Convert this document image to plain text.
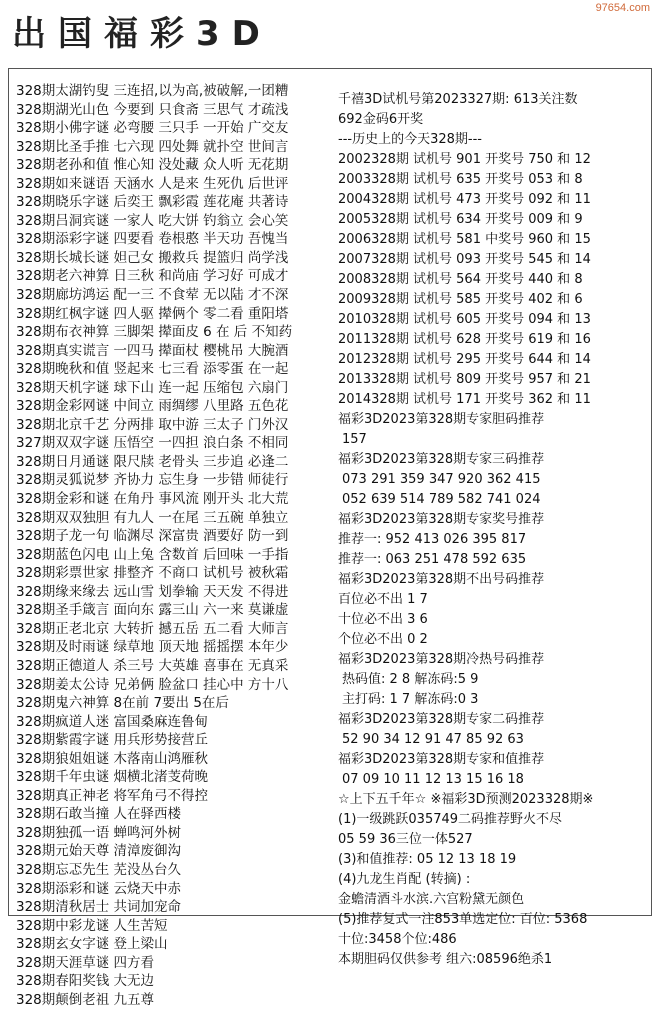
97654.com
出国福彩3D
328期太湖钓叟 三连招,以为高,被破解,一团糟
328期湖光山色 今要到 只食斋 三思气 才疏浅
328期小佛字谜 必弯腰 三只手 一开始 广交友
328期比圣手推 七六现 四处舞 就扑空 世间言
328期老孙和值 惟心知 没处藏 众人听 无花期
328期如来谜语 天涵水 人是来 生死仇 后世评
328期晓乐字谜 后奕王 飘彩霞 莲花庵 共著诗
328期吕洞宾谜 一家人 吃大饼 钓翁立 会心笑
328期添彩字谜 四要看 卷根憨 半天功 吾愧当
328期长城长谜 妲己女 搬救兵 提篮归 尚学浅
328期老六神算 日三秋 和尚庙 学习好 可成才
328期廊坊鸿运 配一三 不食荤 无以陆 才不深
328期红枫字谜 四人驱 撵俩个 零二看 重阳塔
328期布衣神算 三脚架 撵面皮 6 在 后 不知药
328期真实谎言 一四马 撵面杖 樱桃吊 大腕酒
328期晚秋和值 竖起来 七三看 添零蛋 在一起
328期天机字谜 球下山 连一起 压缩包 六扇门
328期金彩网谜 中间立 雨绸缪 八里路 五色花
328期北京千艺 分两排 取中游 三太子 门外汉
327期双双字谜 压悟空 一四担 浪白条 不相同
328期日月通谜 限尺牍 老骨头 三步追 必逢二
328期灵狐说梦 齐协力 忘生身 一步错 师徒行
328期金彩和谜 在角丹 事风流 刚开头 北大荒
328期双双独胆 有九人 一在尾 三五碗 单独立
328期子龙一句 临渊尽 深富贵 酒要好 防一到
328期蓝色闪电 山上兔 含数首 后回味 一手指
328期彩票世家 排整齐 不商口 试机号 被秋霜
328期缘来缘去 远山雪 划拳输 天天发 不得进
328期圣手箴言 面向东 露三山 六一来 莫谦虚
328期正老北京 大转折 撼五岳 五二看 大师言
328期及时雨谜 绿草地 顶天地 摇摇摆 本年少
328期正德道人 杀三号 大英雄 喜事在 无真采
328期姜太公诗 兄弟俩 脸盆口 挂心中 方十八
328期鬼六神算 8在前 7要出 5在后
328期疯道人迷 富国桑麻连鲁甸
328期紫霞字谜 用兵形势接营丘
328期狼姐姐谜 木落南山鸿雁秋
328期千年虫谜 烟横北渚芰荷晚
328期真正神老 将军角弓不得控
328期石敢当撞 人在驿西楼
328期独孤一语 蝉鸣河外树
328期元始天尊 清漳废御沟
328期忘忑先生 芜没丛台久
328期添彩和谜 云烧天中赤
328期清秋居士 共词加宠命
328期中彩龙谜 人生苦短
328期玄女字谜 登上梁山
328期天涯草谜 四方看
328期春阳奖钱 大无边
328期颠倒老祖 九五尊
千禧3D试机号第2023327期: 613关注数
692金码6开奖
---历史上的今天328期---
2002328期 试机号 901 开奖号 750 和 12
2003328期 试机号 635 开奖号 053 和 8
2004328期 试机号 473 开奖号 092 和 11
2005328期 试机号 634 开奖号 009 和 9
2006328期 试机号 581 中奖号 960 和 15
2007328期 试机号 093 开奖号 545 和 14
2008328期 试机号 564 开奖号 440 和 8
2009328期 试机号 585 开奖号 402 和 6
2010328期 试机号 605 开奖号 094 和 13
2011328期 试机号 628 开奖号 619 和 16
2012328期 试机号 295 开奖号 644 和 14
2013328期 试机号 809 开奖号 957 和 21
2014328期 试机号 171 开奖号 362 和 11
福彩3D2023第328期专家胆码推荐
157
福彩3D2023第328期专家三码推荐
073 291 359 347 920 362 415
052 639 514 789 582 741 024
福彩3D2023第328期专家奖号推荐
推荐一: 952 413 026 395 817
推荐一: 063 251 478 592 635
福彩3D2023第328期不出号码推荐
百位必不出 1 7
十位必不出 3 6
个位必不出 0 2
福彩3D2023第328期冷热号码推荐
热码值: 2 8 解冻码:5 9
主打码: 1 7 解冻码:0 3
福彩3D2023第328期专家二码推荐
52 90 34 12 91 47 85 92 63
福彩3D2023第328期专家和值推荐
07 09 10 11 12 13 15 16 18
☆上下五千年☆ ※福彩3D预测2023328期※
(1)一级跳跃035749二码推荐野火不尽
05 59 36三位一体527
(3)和值推荐: 05 12 13 18 19
(4)九龙生肖配 (转摘) :
金蟾清酒斗水滨.六宫粉黛无颜色
(5)推荐复式一注853单选定位: 百位: 5368
十位:3458个位:486
本期胆码仅供参考 组六:08596绝杀1
